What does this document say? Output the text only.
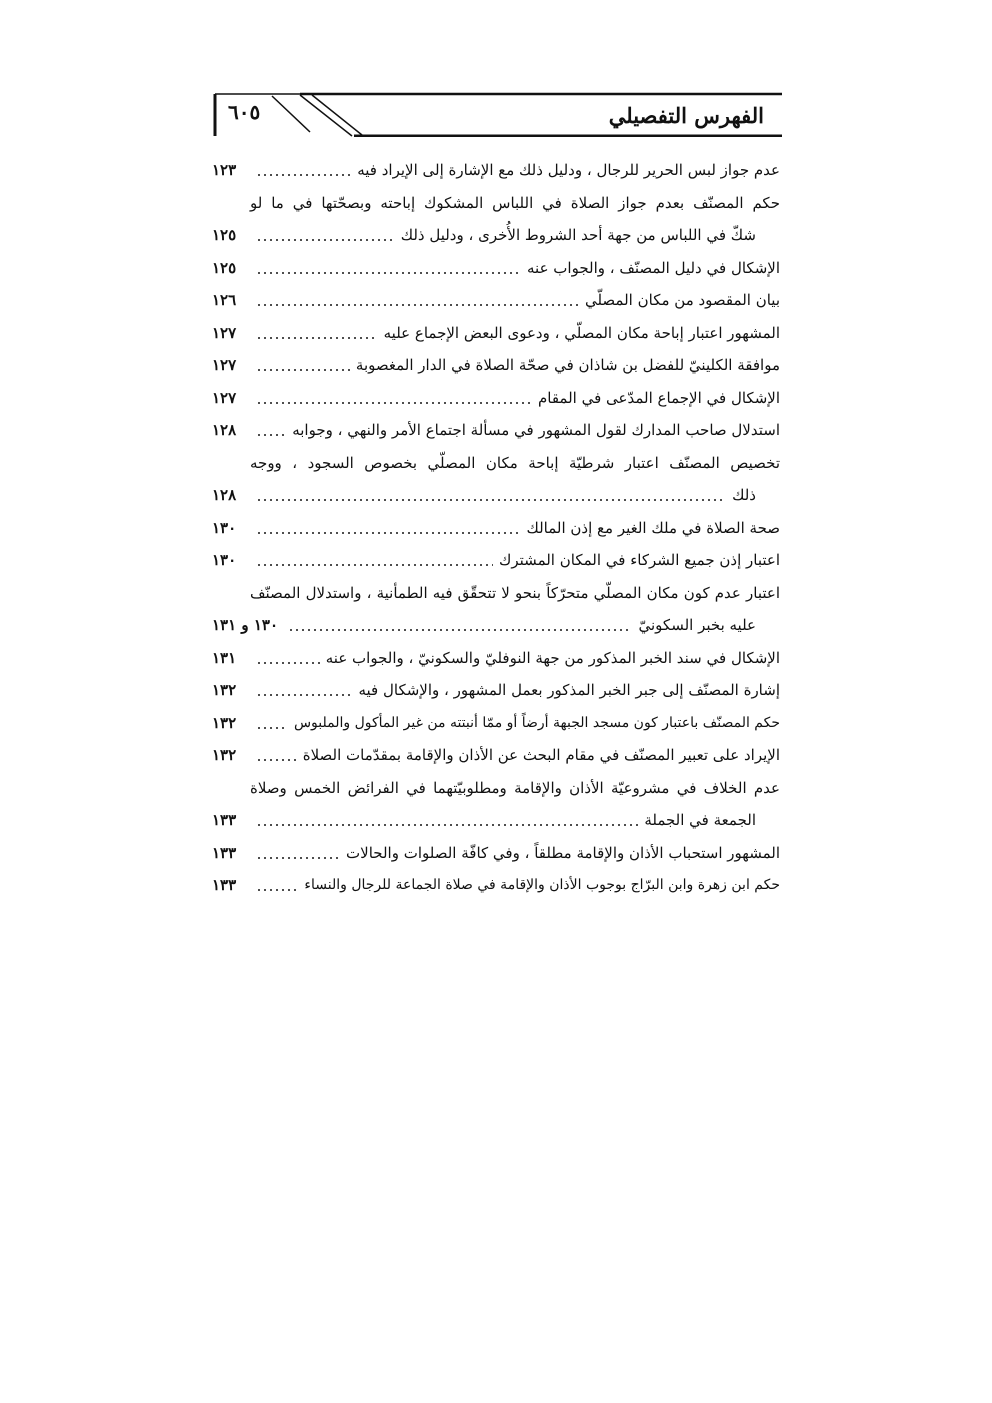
٦٠٥	الفهرس التفصيلي
عدم جواز لبس الحرير للرجال ، ودليل ذلك مع الإشارة إلى الإيراد فيه
١٢٣
حكم المصنّف بعدم جواز الصلاة في اللباس المشكوك إباحته وبصحّتها في ما لو
شكّ في اللباس من جهة أحد الشروط الأُخرى ، ودليل ذلك
١٢٥
الإشكال في دليل المصنّف ، والجواب عنه
١٢٥
بيان المقصود من مكان المصلّي
١٢٦
المشهور اعتبار إباحة مكان المصلّي ، ودعوى البعض الإجماع عليه
١٢٧
موافقة الكلينيّ للفضل بن شاذان في صحّة الصلاة في الدار المغصوبة
١٢٧
الإشكال في الإجماع المدّعى في المقام
١٢٧
استدلال صاحب المدارك لقول المشهور في مسألة اجتماع الأمر والنهي ، وجوابه
١٢٨
تخصيص المصنّف اعتبار شرطيّة إباحة مكان المصلّي بخصوص السجود ، ووجه
ذلك
١٢٨
صحة الصلاة في ملك الغير مع إذن المالك
١٣٠
اعتبار إذن جميع الشركاء في المكان المشترك
١٣٠
اعتبار عدم كون مكان المصلّي متحرّكاً بنحو لا تتحقّق فيه الطمأنية ، واستدلال المصنّف
عليه بخبر السكونيّ
١٣٠ و ١٣١
الإشكال في سند الخبر المذكور من جهة النوفليّ والسكونيّ ، والجواب عنه
١٣١
إشارة المصنّف إلى جبر الخبر المذكور بعمل المشهور ، والإشكال فيه
١٣٢
حكم المصنّف باعتبار كون مسجد الجبهة أرضاً أو ممّا أنبتته من غير المأكول والملبوس
١٣٢
الإيراد على تعبير المصنّف في مقام البحث عن الأذان والإقامة بمقدّمات الصلاة
١٣٢
عدم الخلاف في مشروعيّة الأذان والإقامة ومطلوبيّتهما في الفرائض الخمس وصلاة
الجمعة في الجملة
١٣٣
المشهور استحباب الأذان والإقامة مطلقاً ، وفي كافّة الصلوات والحالات
١٣٣
حكم ابن زهرة وابن البرّاج بوجوب الأذان والإقامة في صلاة الجماعة للرجال والنساء
١٣٣
